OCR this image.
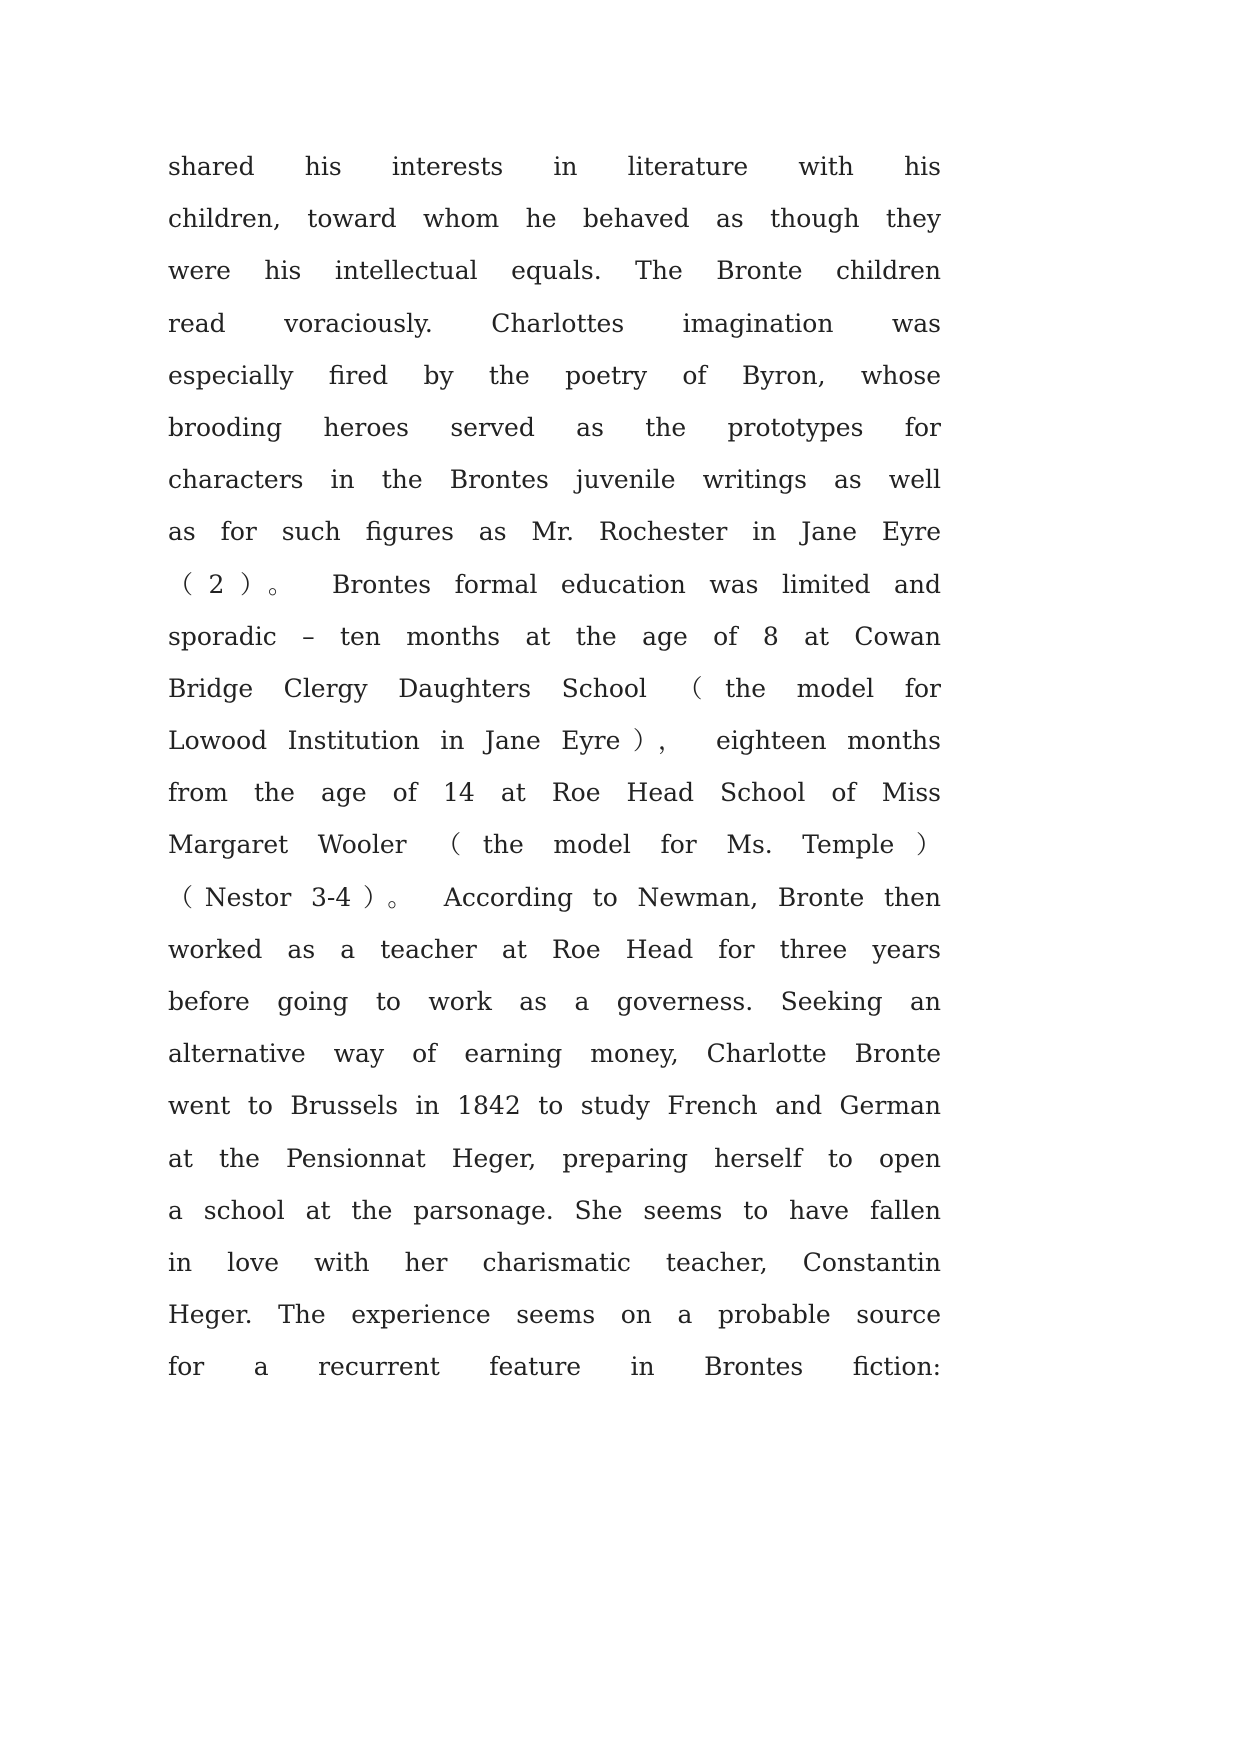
shared his interests in literature with his
children, toward whom he behaved as though they
were his intellectual equals. The Bronte children
read voraciously. Charlottes imagination was
especially fired by the poetry of Byron, whose
brooding heroes served as the prototypes for
characters in the Brontes juvenile writings as well
as for such figures as Mr. Rochester in Jane Eyre
（2）。 Brontes formal education was limited and
sporadic – ten months at the age of 8 at Cowan
Bridge Clergy Daughters School （the model for
Lowood Institution in Jane Eyre）， eighteen months
from the age of 14 at Roe Head School of Miss
Margaret Wooler （the model for Ms. Temple）
（Nestor 3-4）。 According to Newman, Bronte then
worked as a teacher at Roe Head for three years
before going to work as a governess. Seeking an
alternative way of earning money, Charlotte Bronte
went to Brussels in 1842 to study French and German
at the Pensionnat Heger, preparing herself to open
a school at the parsonage. She seems to have fallen
in love with her charismatic teacher, Constantin
Heger. The experience seems on a probable source
for a recurrent feature in Brontes fiction:
